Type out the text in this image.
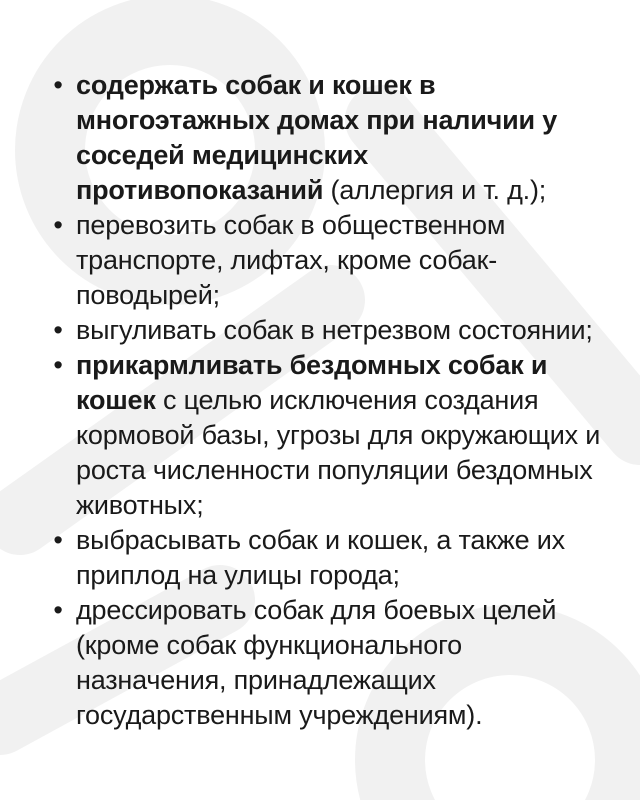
• содержать собак и кошек в многоэтажных домах при наличии у соседей медицинских противопоказаний (аллергия и т. д.);
• перевозить собак в общественном транспорте, лифтах, кроме собак-поводырей;
• выгуливать собак в нетрезвом состоянии;
• прикармливать бездомных собак и кошек с целью исключения создания кормовой базы, угрозы для окружающих и роста численности популяции бездомных животных;
• выбрасывать собак и кошек, а также их приплод на улицы города;
• дрессировать собак для боевых целей (кроме собак функционального назначения, принадлежащих государственным учреждениям).
